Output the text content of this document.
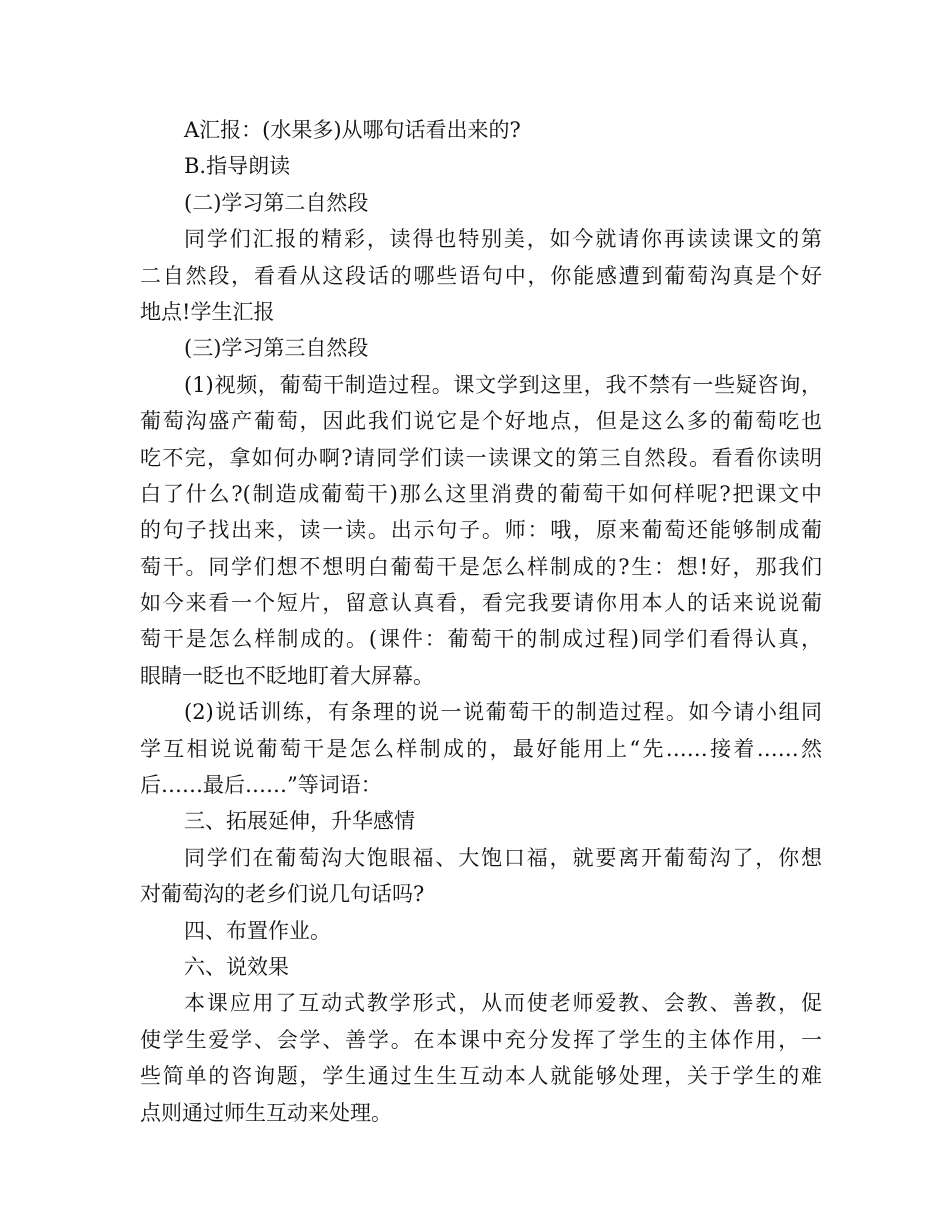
A汇报：(水果多)从哪句话看出来的?
B.指导朗读
(二)学习第二自然段
同学们汇报的精彩，读得也特别美，如今就请你再读读课文的第
二自然段，看看从这段话的哪些语句中，你能感遭到葡萄沟真是个好
地点!学生汇报
(三)学习第三自然段
(1)视频，葡萄干制造过程。课文学到这里，我不禁有一些疑咨询，
葡萄沟盛产葡萄，因此我们说它是个好地点，但是这么多的葡萄吃也
吃不完，拿如何办啊?请同学们读一读课文的第三自然段。看看你读明
白了什么?(制造成葡萄干)那么这里消费的葡萄干如何样呢?把课文中
的句子找出来，读一读。出示句子。师：哦，原来葡萄还能够制成葡
萄干。同学们想不想明白葡萄干是怎么样制成的?生：想!好，那我们
如今来看一个短片，留意认真看，看完我要请你用本人的话来说说葡
萄干是怎么样制成的。(课件：葡萄干的制成过程)同学们看得认真，
眼睛一眨也不眨地盯着大屏幕。
(2)说话训练，有条理的说一说葡萄干的制造过程。如今请小组同
学互相说说葡萄干是怎么样制成的，最好能用上“先……接着……然
后……最后……”等词语：
三、拓展延伸，升华感情
同学们在葡萄沟大饱眼福、大饱口福，就要离开葡萄沟了，你想
对葡萄沟的老乡们说几句话吗?
四、布置作业。
六、说效果
本课应用了互动式教学形式，从而使老师爱教、会教、善教，促
使学生爱学、会学、善学。在本课中充分发挥了学生的主体作用，一
些简单的咨询题，学生通过生生互动本人就能够处理，关于学生的难
点则通过师生互动来处理。
